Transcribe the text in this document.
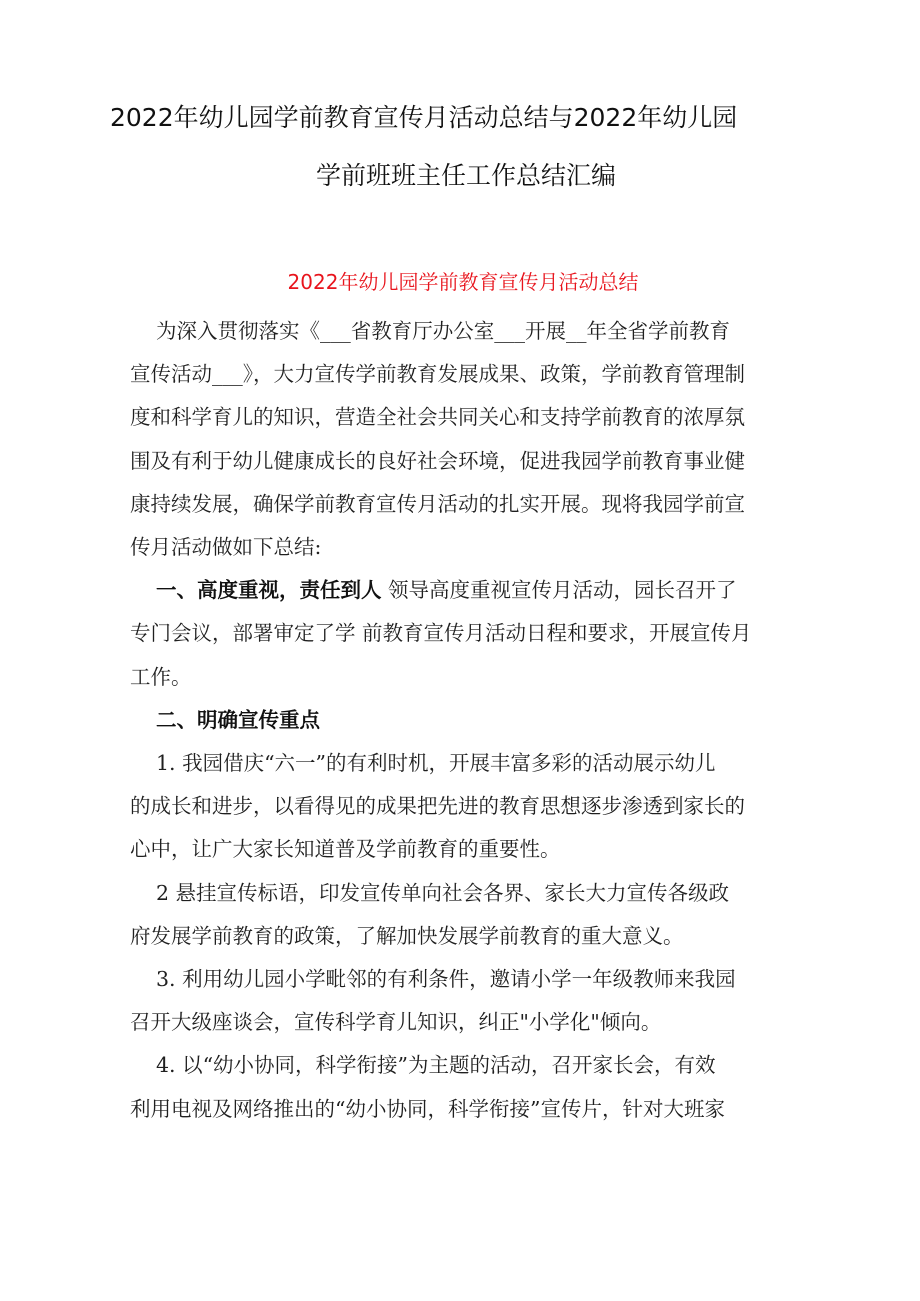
2022年幼儿园学前教育宣传月活动总结与2022年幼儿园
学前班班主任工作总结汇编
2022年幼儿园学前教育宣传月活动总结
为深入贯彻落实《___省教育厅办公室___开展__年全省学前教育
宣传活动___》，大力宣传学前教育发展成果、政策，学前教育管理制
度和科学育儿的知识，营造全社会共同关心和支持学前教育的浓厚氛
围及有利于幼儿健康成长的良好社会环境，促进我园学前教育事业健
康持续发展，确保学前教育宣传月活动的扎实开展。现将我园学前宣
传月活动做如下总结:
一、高度重视，责任到人 领导高度重视宣传月活动，园长召开了
专门会议，部署审定了学 前教育宣传月活动日程和要求，开展宣传月
工作。
二、明确宣传重点
1. 我园借庆“六一”的有利时机，开展丰富多彩的活动展示幼儿
的成长和进步，以看得见的成果把先进的教育思想逐步渗透到家长的
心中，让广大家长知道普及学前教育的重要性。
2 悬挂宣传标语，印发宣传单向社会各界、家长大力宣传各级政
府发展学前教育的政策，了解加快发展学前教育的重大意义。
3. 利用幼儿园小学毗邻的有利条件，邀请小学一年级教师来我园
召开大级座谈会，宣传科学育儿知识，纠正"小学化"倾向。
4. 以“幼小协同，科学衔接”为主题的活动，召开家长会，有效
利用电视及网络推出的“幼小协同，科学衔接”宣传片，针对大班家
